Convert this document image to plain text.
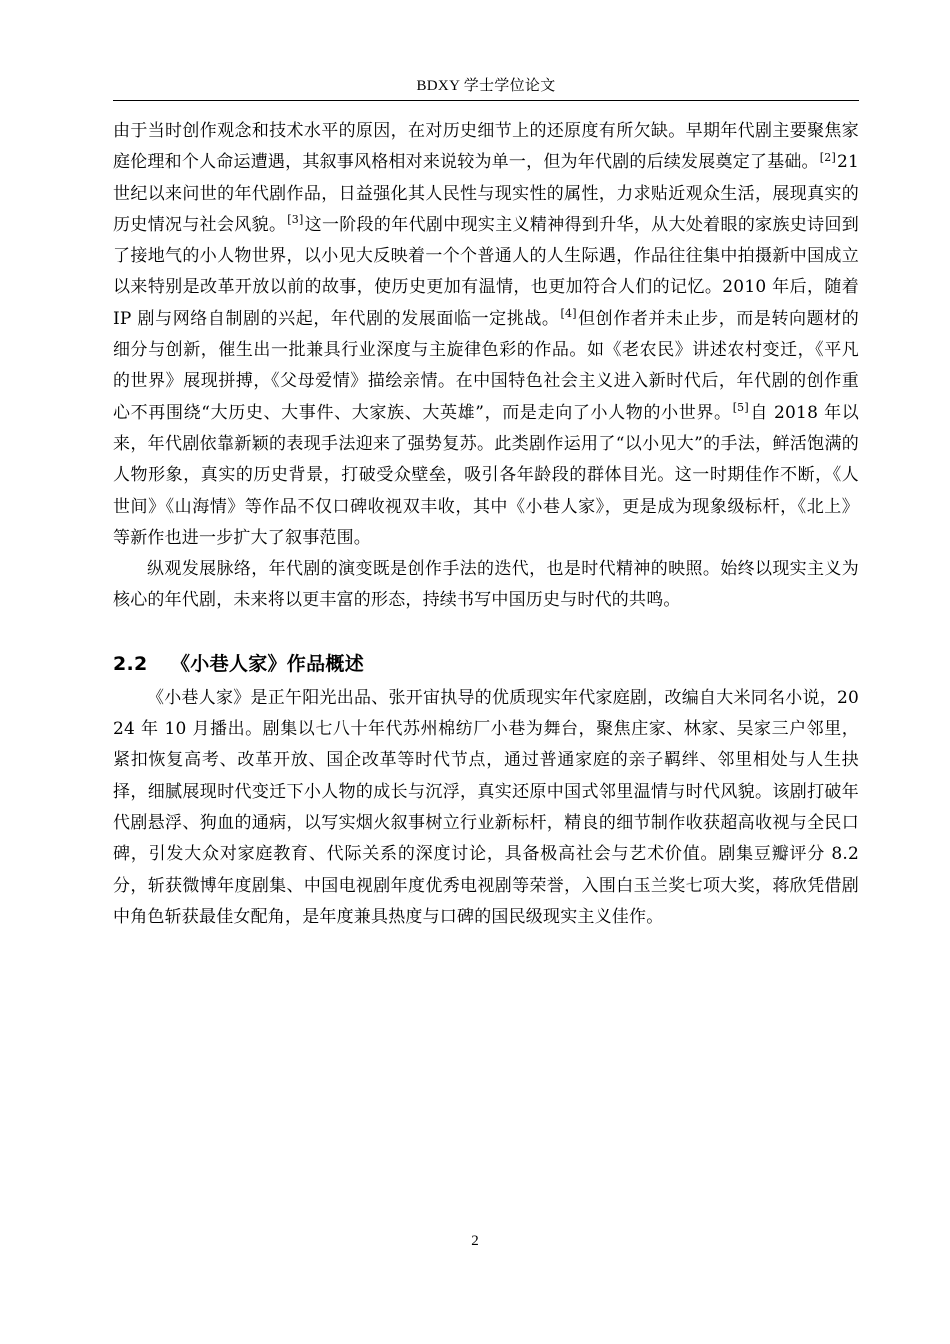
BDXY 学士学位论文

由于当时创作观念和技术水平的原因，在对历史细节上的还原度有所欠缺。早期年代剧主要聚焦家庭伦理和个人命运遭遇，其叙事风格相对来说较为单一，但为年代剧的后续发展奠定了基础。[2]21 世纪以来问世的年代剧作品，日益强化其人民性与现实性的属性，力求贴近观众生活，展现真实的历史情况与社会风貌。[3]这一阶段的年代剧中现实主义精神得到升华，从大处着眼的家族史诗回到了接地气的小人物世界，以小见大反映着一个个普通人的人生际遇，作品往往集中拍摄新中国成立以来特别是改革开放以前的故事，使历史更加有温情，也更加符合人们的记忆。2010 年后，随着 IP 剧与网络自制剧的兴起，年代剧的发展面临一定挑战。[4]但创作者并未止步，而是转向题材的细分与创新，催生出一批兼具行业深度与主旋律色彩的作品。如《老农民》讲述农村变迁，《平凡的世界》展现拼搏，《父母爱情》描绘亲情。在中国特色社会主义进入新时代后，年代剧的创作重心不再围绕“大历史、大事件、大家族、大英雄”，而是走向了小人物的小世界。[5]自 2018 年以来，年代剧依靠新颖的表现手法迎来了强势复苏。此类剧作运用了“以小见大”的手法，鲜活饱满的人物形象，真实的历史背景，打破受众壁垒，吸引各年龄段的群体目光。这一时期佳作不断，《人世间》《山海情》等作品不仅口碑收视双丰收，其中《小巷人家》，更是成为现象级标杆，《北上》等新作也进一步扩大了叙事范围。

纵观发展脉络，年代剧的演变既是创作手法的迭代，也是时代精神的映照。始终以现实主义为核心的年代剧，未来将以更丰富的形态，持续书写中国历史与时代的共鸣。

2.2 《小巷人家》作品概述

《小巷人家》是正午阳光出品、张开宙执导的优质现实年代家庭剧，改编自大米同名小说，2024 年 10 月播出。剧集以七八十年代苏州棉纺厂小巷为舞台，聚焦庄家、林家、吴家三户邻里，紧扣恢复高考、改革开放、国企改革等时代节点，通过普通家庭的亲子羁绊、邻里相处与人生抉择，细腻展现时代变迁下小人物的成长与沉浮，真实还原中国式邻里温情与时代风貌。该剧打破年代剧悬浮、狗血的通病，以写实烟火叙事树立行业新标杆，精良的细节制作收获超高收视与全民口碑，引发大众对家庭教育、代际关系的深度讨论，具备极高社会与艺术价值。剧集豆瓣评分 8.2 分，斩获微博年度剧集、中国电视剧年度优秀电视剧等荣誉，入围白玉兰奖七项大奖，蒋欣凭借剧中角色斩获最佳女配角，是年度兼具热度与口碑的国民级现实主义佳作。

2
